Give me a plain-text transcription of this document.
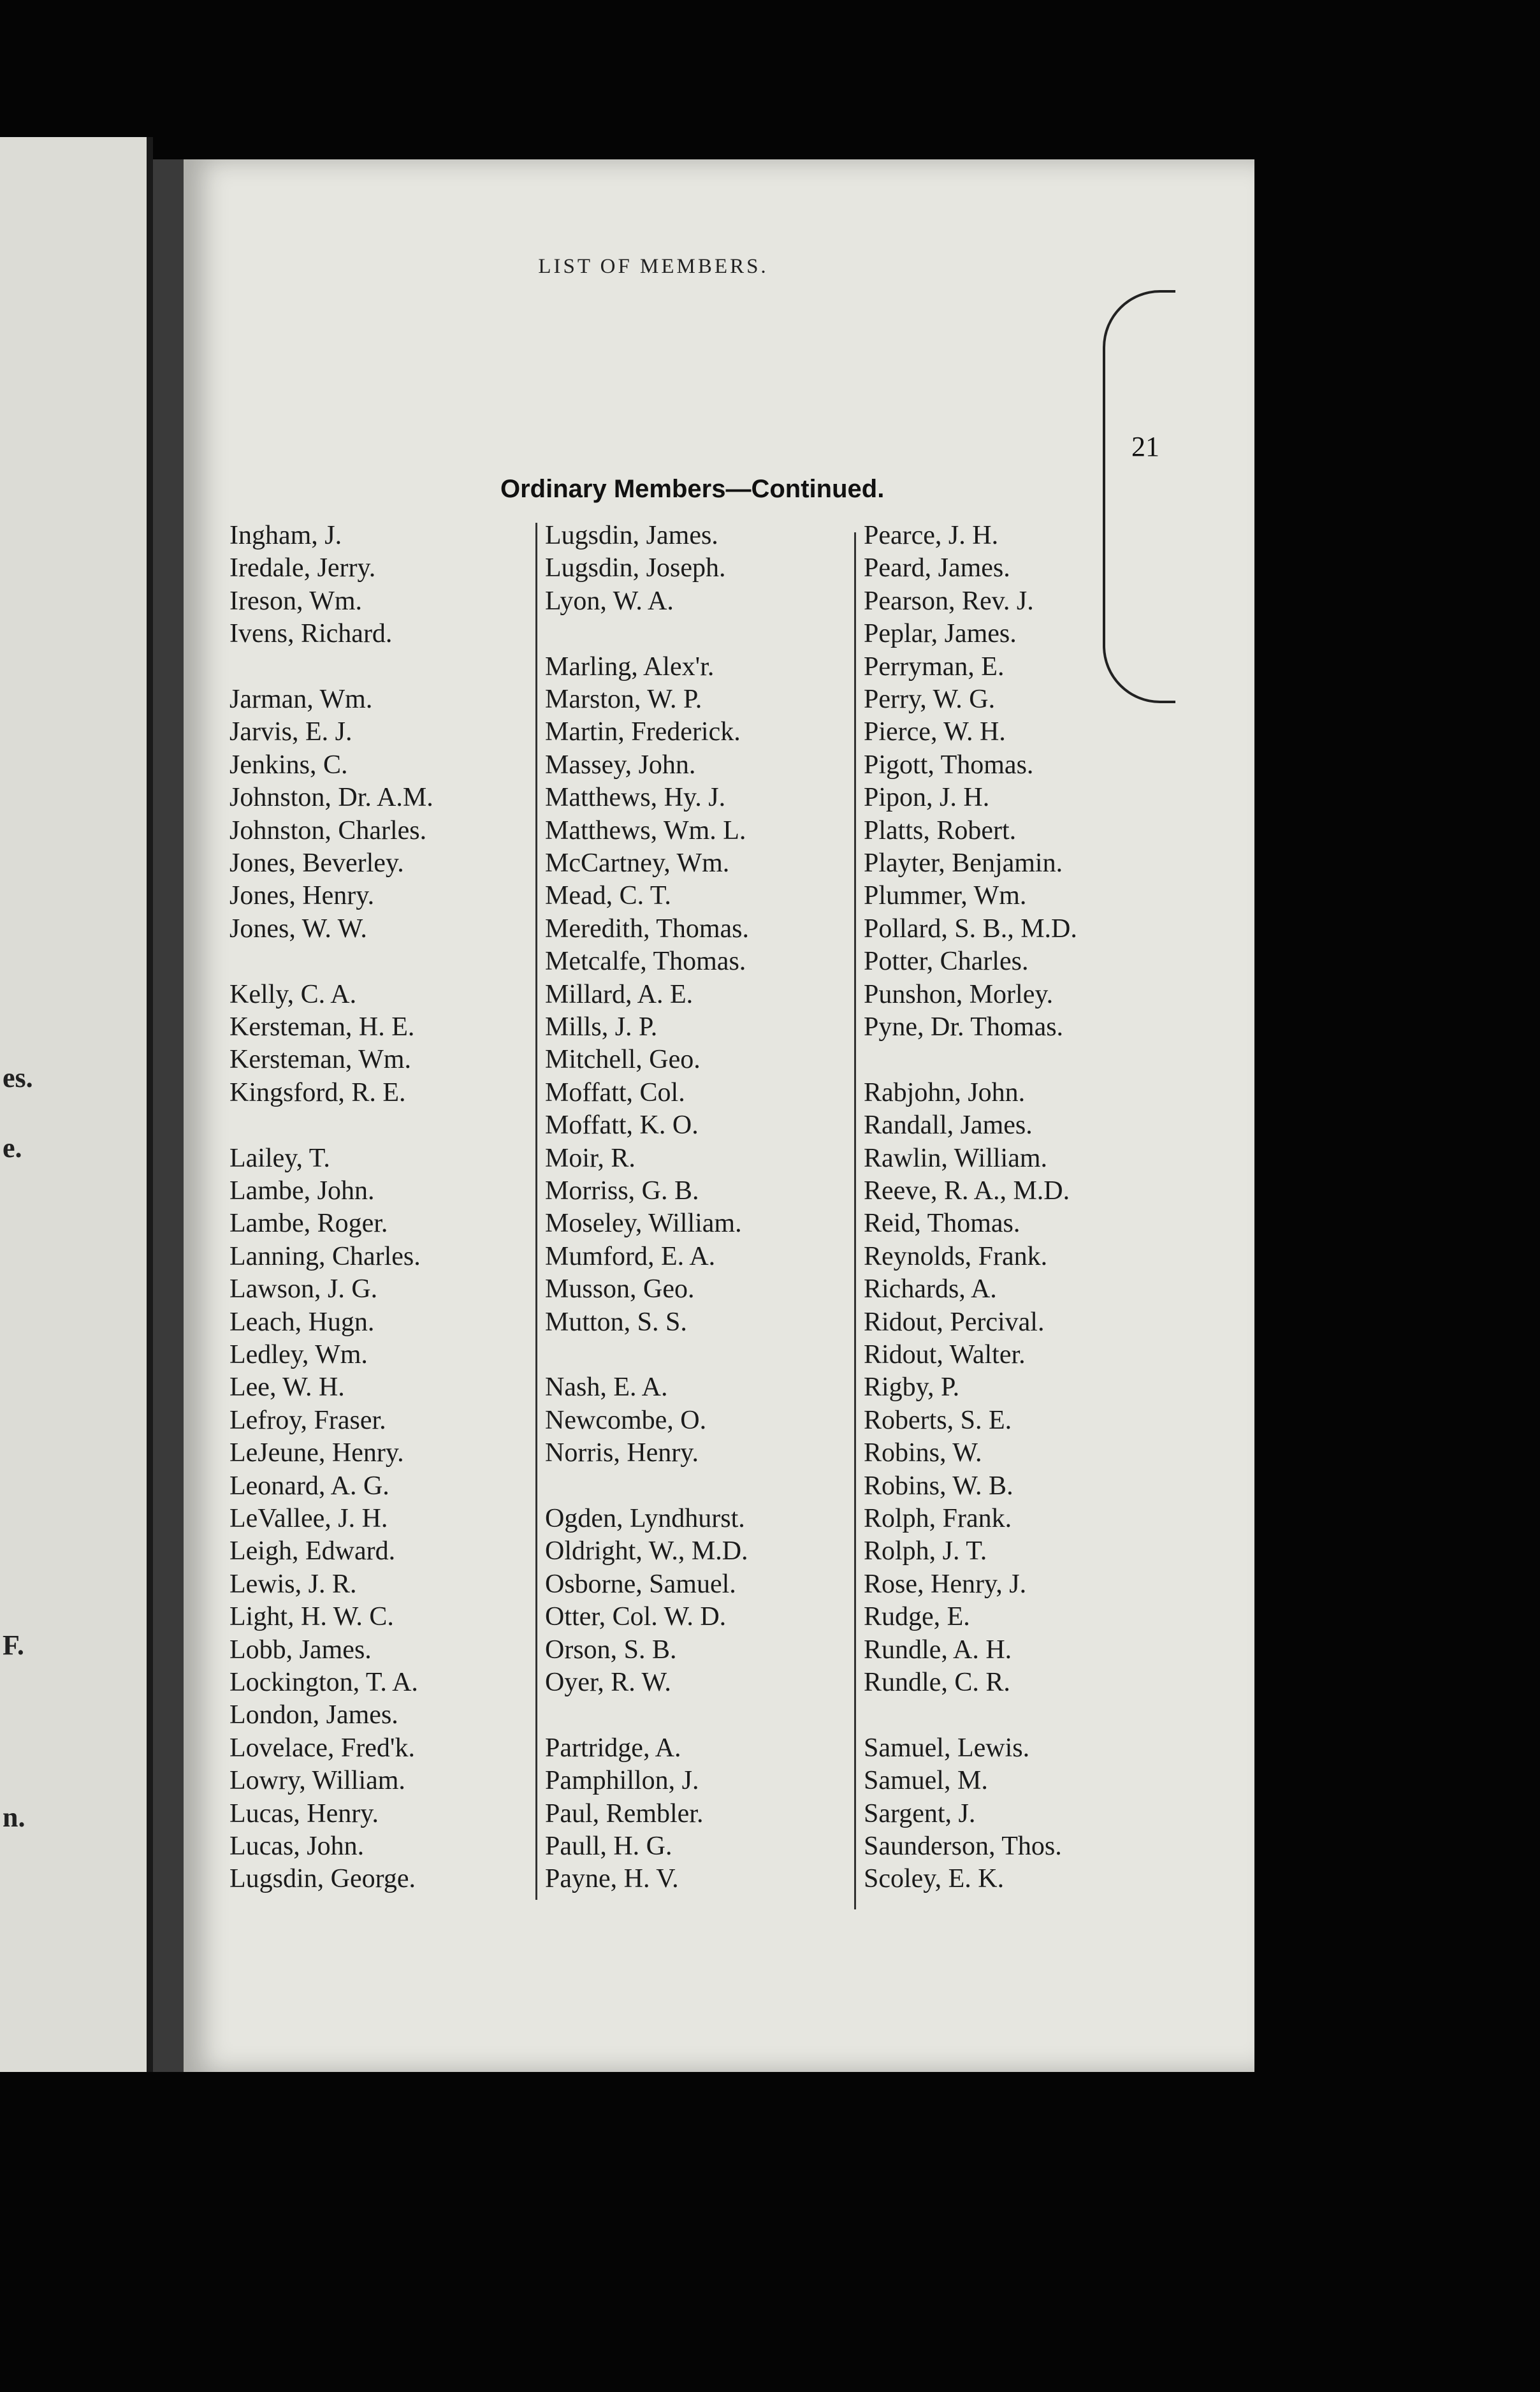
es.
e.
F.
n.
LIST OF MEMBERS.
21
Ordinary Members—Continued.
Ingham, J.
Iredale, Jerry.
Ireson, Wm.
Ivens, Richard.
Jarman, Wm.
Jarvis, E. J.
Jenkins, C.
Johnston, Dr. A.M.
Johnston, Charles.
Jones, Beverley.
Jones, Henry.
Jones, W. W.
Kelly, C. A.
Kersteman, H. E.
Kersteman, Wm.
Kingsford, R. E.
Lailey, T.
Lambe, John.
Lambe, Roger.
Lanning, Charles.
Lawson, J. G.
Leach, Hugn.
Ledley, Wm.
Lee, W. H.
Lefroy, Fraser.
LeJeune, Henry.
Leonard, A. G.
LeVallee, J. H.
Leigh, Edward.
Lewis, J. R.
Light, H. W. C.
Lobb, James.
Lockington, T. A.
London, James.
Lovelace, Fred'k.
Lowry, William.
Lucas, Henry.
Lucas, John.
Lugsdin, George.
Lugsdin, James.
Lugsdin, Joseph.
Lyon, W. A.
Marling, Alex'r.
Marston, W. P.
Martin, Frederick.
Massey, John.
Matthews, Hy. J.
Matthews, Wm. L.
McCartney, Wm.
Mead, C. T.
Meredith, Thomas.
Metcalfe, Thomas.
Millard, A. E.
Mills, J. P.
Mitchell, Geo.
Moffatt, Col.
Moffatt, K. O.
Moir, R.
Morriss, G. B.
Moseley, William.
Mumford, E. A.
Musson, Geo.
Mutton, S. S.
Nash, E. A.
Newcombe, O.
Norris, Henry.
Ogden, Lyndhurst.
Oldright, W., M.D.
Osborne, Samuel.
Otter, Col. W. D.
Orson, S. B.
Oyer, R. W.
Partridge, A.
Pamphillon, J.
Paul, Rembler.
Paull, H. G.
Payne, H. V.
Pearce, J. H.
Peard, James.
Pearson, Rev. J.
Peplar, James.
Perryman, E.
Perry, W. G.
Pierce, W. H.
Pigott, Thomas.
Pipon, J. H.
Platts, Robert.
Playter, Benjamin.
Plummer, Wm.
Pollard, S. B., M.D.
Potter, Charles.
Punshon, Morley.
Pyne, Dr. Thomas.
Rabjohn, John.
Randall, James.
Rawlin, William.
Reeve, R. A., M.D.
Reid, Thomas.
Reynolds, Frank.
Richards, A.
Ridout, Percival.
Ridout, Walter.
Rigby, P.
Roberts, S. E.
Robins, W.
Robins, W. B.
Rolph, Frank.
Rolph, J. T.
Rose, Henry, J.
Rudge, E.
Rundle, A. H.
Rundle, C. R.
Samuel, Lewis.
Samuel, M.
Sargent, J.
Saunderson, Thos.
Scoley, E. K.
